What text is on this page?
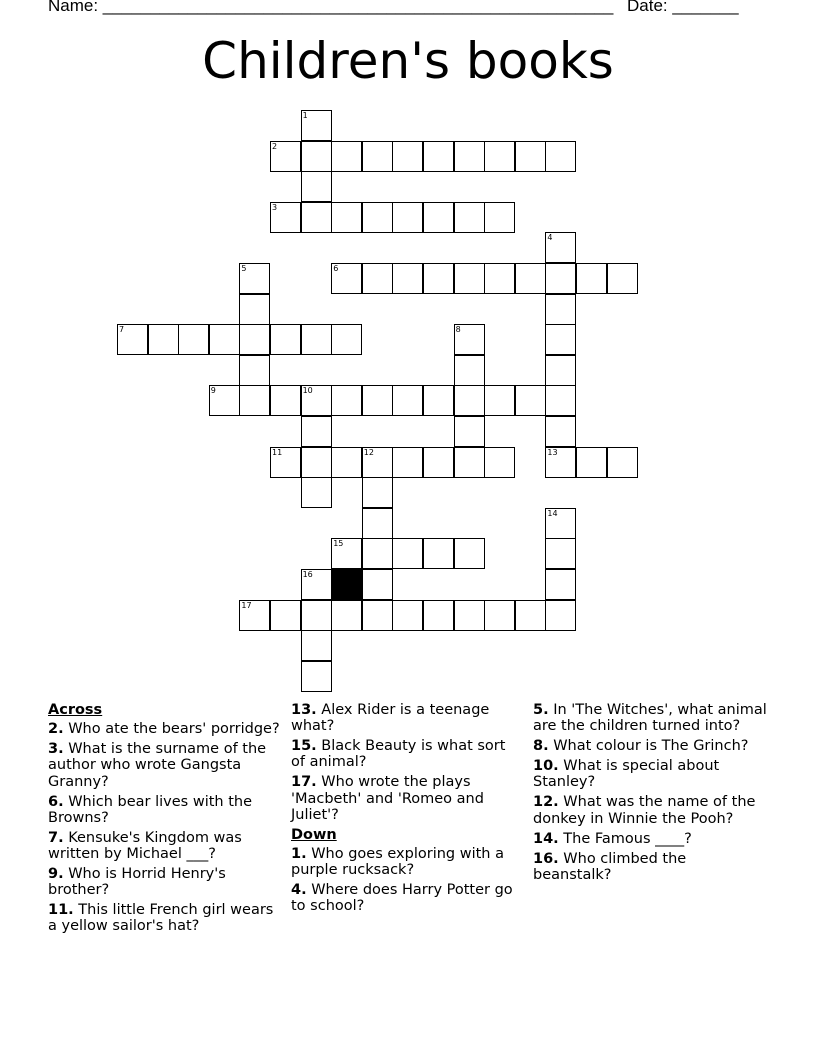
Name: ______________________________________________________ Date: _______
Children's books
2
3
6
7
9	10
11	12	13
15
17
1
4
5
8
14
16
Across
2. Who ate the bears' porridge?
3. What is the surname of the author who wrote Gangsta Granny?
6. Which bear lives with the Browns?
7. Kensuke's Kingdom was written by Michael ___?
9. Who is Horrid Henry's brother?
11. This little French girl wears a yellow sailor's hat?
13. Alex Rider is a teenage what?
15. Black Beauty is what sort of animal?
17. Who wrote the plays 'Macbeth' and 'Romeo and Juliet'?
Down
1. Who goes exploring with a purple rucksack?
4. Where does Harry Potter go to school?
5. In 'The Witches', what animal are the children turned into?
8. What colour is The Grinch?
10. What is special about Stanley?
12. What was the name of the donkey in Winnie the Pooh?
14. The Famous ____?
16. Who climbed the beanstalk?
